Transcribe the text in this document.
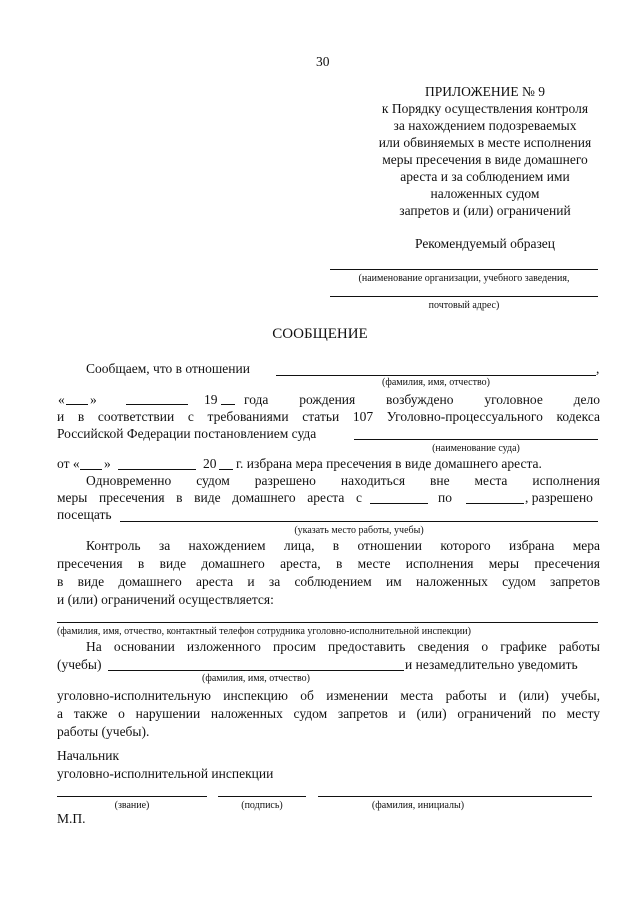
30
ПРИЛОЖЕНИЕ № 9
к Порядку осуществления контроля
за нахождением подозреваемых
или обвиняемых в месте исполнения
меры пресечения в виде домашнего
ареста и за соблюдением ими
наложенных судом
запретов и (или) ограничений
Рекомендуемый образец
(наименование организации, учебного заведения,
почтовый адрес)
СООБЩЕНИЕ
Сообщаем, что в отношении	,
(фамилия, имя, отчество)
« »	19 года рождения возбуждено уголовное дело
и в соответствии с требованиями статьи 107 Уголовно-процессуального кодекса
Российской Федерации постановлением суда
(наименование суда)
от « »	20 г. избрана мера пресечения в виде домашнего ареста.
Одновременно судом разрешено находиться вне места исполнения
меры пресечения в виде домашнего ареста с	по	, разрешено
посещать
(указать место работы, учебы)
Контроль за нахождением лица, в отношении которого избрана мера
пресечения в виде домашнего ареста, в месте исполнения меры пресечения
в виде домашнего ареста и за соблюдением им наложенных судом запретов
и (или) ограничений осуществляется:
(фамилия, имя, отчество, контактный телефон сотрудника уголовно-исполнительной инспекции)
На основании изложенного просим предоставить сведения о графике работы
(учебы)	и незамедлительно уведомить
(фамилия, имя, отчество)
уголовно-исполнительную инспекцию об изменении места работы и (или) учебы,
а также о нарушении наложенных судом запретов и (или) ограничений по месту
работы (учебы).
Начальник
уголовно-исполнительной инспекции
(звание)	(подпись)	(фамилия, инициалы)
М.П.
